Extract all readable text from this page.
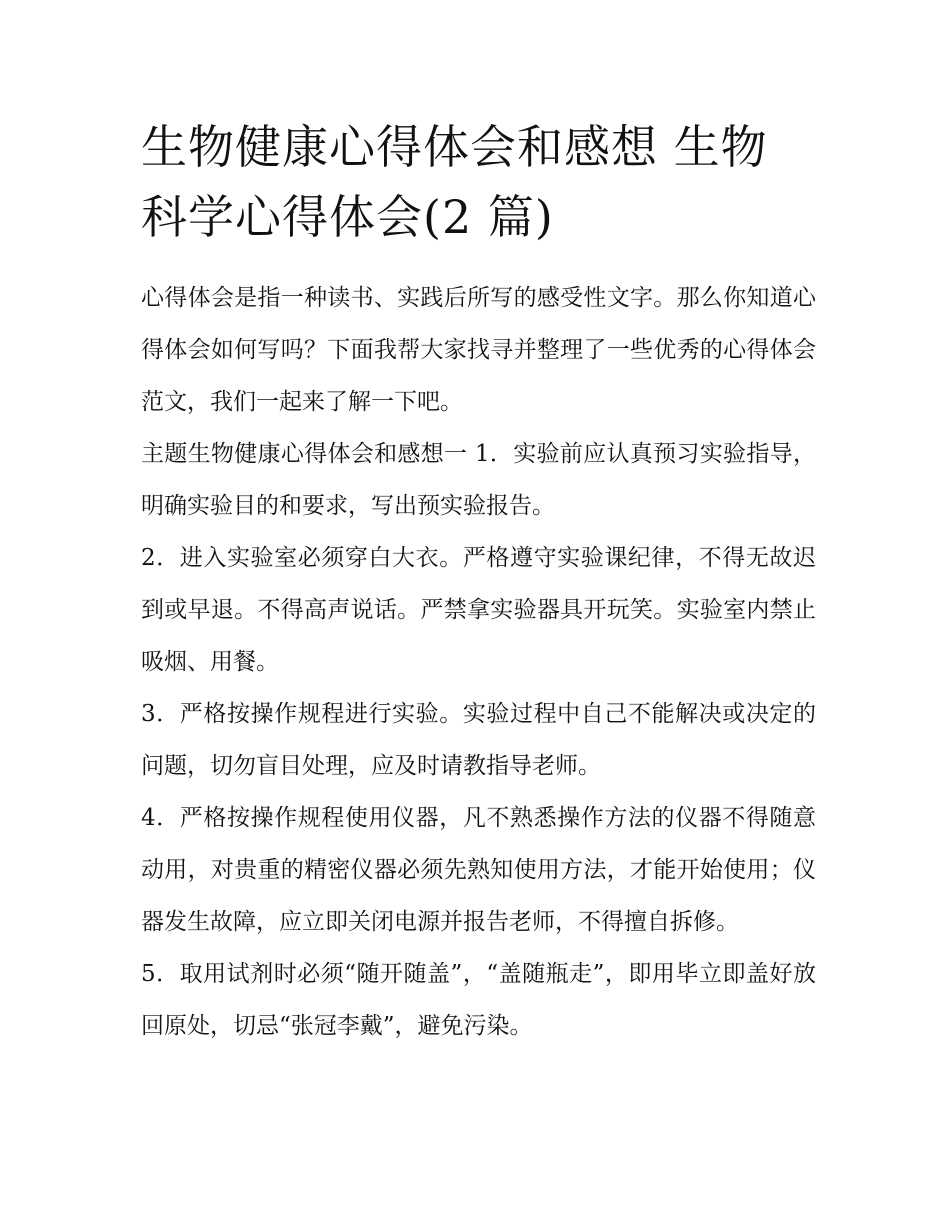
生物健康心得体会和感想 生物科学心得体会(2 篇)

心得体会是指一种读书、实践后所写的感受性文字。那么你知道心得体会如何写吗？下面我帮大家找寻并整理了一些优秀的心得体会范文，我们一起来了解一下吧。

主题生物健康心得体会和感想一 1．实验前应认真预习实验指导，明确实验目的和要求，写出预实验报告。

2．进入实验室必须穿白大衣。严格遵守实验课纪律，不得无故迟到或早退。不得高声说话。严禁拿实验器具开玩笑。实验室内禁止吸烟、用餐。

3．严格按操作规程进行实验。实验过程中自己不能解决或决定的问题，切勿盲目处理，应及时请教指导老师。

4．严格按操作规程使用仪器，凡不熟悉操作方法的仪器不得随意动用，对贵重的精密仪器必须先熟知使用方法，才能开始使用；仪器发生故障，应立即关闭电源并报告老师，不得擅自拆修。

5．取用试剂时必须“随开随盖”，“盖随瓶走”，即用毕立即盖好放回原处，切忌“张冠李戴”，避免污染。
